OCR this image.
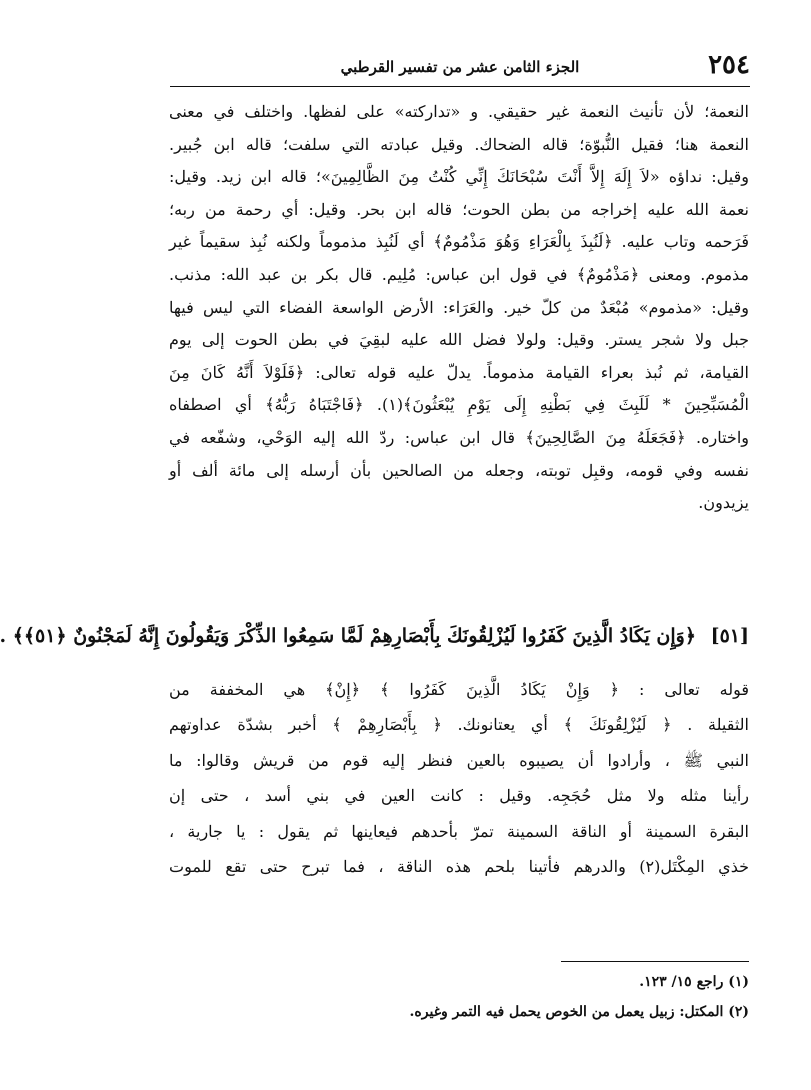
٢٥٤
الجزء الثامن عشر من تفسير القرطبي
النعمة؛ لأن تأنيث النعمة غير حقيقي. و «تداركته» على لفظها. واختلف في معنى
النعمة هنا؛ فقيل النُّبوّة؛ قاله الضحاك. وقيل عبادته التي سلفت؛ قاله ابن جُبير.
وقيل: نداؤه «لاَ إِلَهَ إِلاَّ أَنْتَ سُبْحَانَكَ إِنِّي كُنْتُ مِنَ الظَّالِمِينَ»؛ قاله ابن زيد. وقيل:
نعمة الله عليه إخراجه من بطن الحوت؛ قاله ابن بحر. وقيل: أي رحمة من ربه؛
فَرَحمه وتاب عليه. ﴿لَنُبِذَ بِالْعَرَاءِ وَهُوَ مَذْمُومٌ﴾ أي لَنُبِذ مذموماً ولكنه نُبِذ سقيماً غير
مذموم. ومعنى ﴿مَذْمُومٌ﴾ في قول ابن عباس: مُلِيم. قال بكر بن عبد الله: مذنب.
وقيل: «مذموم» مُبْعَدٌ من كلّ خير. والعَرَاء: الأرض الواسعة الفضاء التي ليس فيها
جبل ولا شجر يستر. وقيل: ولولا فضل الله عليه لبقِيَ في بطن الحوت إلى يوم
القيامة، ثم نُبذ بعراء القيامة مذموماً. يدلّ عليه قوله تعالى: ﴿فَلَوْلاَ أَنَّهُ كَانَ مِنَ
الْمُسَبِّحِينَ * لَلَبِثَ فِي بَطْنِهِ إِلَى يَوْمِ يُبْعَثُونَ﴾(١). ﴿فَاجْتَبَاهُ رَبُّهُ﴾ أي اصطفاه
واختاره. ﴿فَجَعَلَهُ مِنَ الصَّالِحِينَ﴾ قال ابن عباس: ردّ الله إليه الوَحْي، وشفّعه في
نفسه وفي قومه، وقبِل توبته، وجعله من الصالحين بأن أرسله إلى مائة ألف أو
يزيدون.
[٥١] ﴿وَإِن يَكَادُ الَّذِينَ كَفَرُوا لَيُزْلِقُونَكَ بِأَبْصَارِهِمْ لَمَّا سَمِعُوا الذِّكْرَ وَيَقُولُونَ إِنَّهُ لَمَجْنُونٌ ﴿٥١﴾﴾ .
قوله تعالى : ﴿ وَإِنْ يَكَادُ الَّذِينَ كَفَرُوا ﴾ ﴿إِنْ﴾ هي المخففة من
الثقيلة . ﴿ لَيُزْلِقُونَكَ ﴾ أي يعتانونك. ﴿ بِأَبْصَارِهِمْ ﴾ أخبر بشدّة عداوتهم
النبي ﷺ ، وأرادوا أن يصيبوه بالعين فنظر إليه قوم من قريش وقالوا: ما
رأينا مثله ولا مثل حُجَجِه. وقيل : كانت العين في بني أسد ، حتى إن
البقرة السمينة أو الناقة السمينة تمرّ بأحدهم فيعاينها ثم يقول : يا جارية ،
خذي المِكْتَل(٢) والدرهم فأتينا بلحم هذه الناقة ، فما تبرح حتى تقع للموت
(١) راجع ١٥/ ١٢٣.
(٢) المكتل: زبيل يعمل من الخوص يحمل فيه التمر وغيره.
